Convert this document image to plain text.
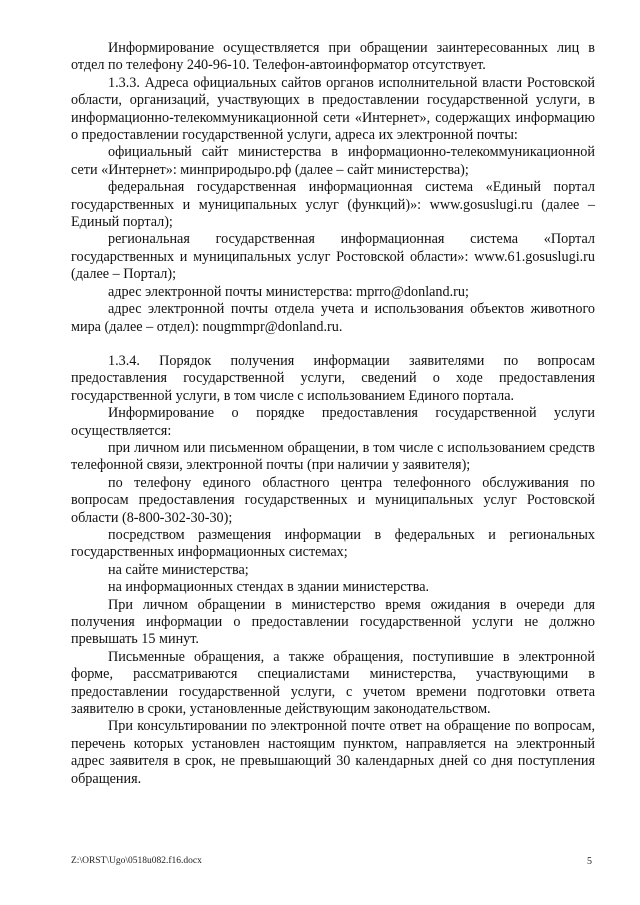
Информирование осуществляется при обращении заинтересованных лиц в отдел по телефону 240-96-10. Телефон-автоинформатор отсутствует.

1.3.3. Адреса официальных сайтов органов исполнительной власти Ростовской области, организаций, участвующих в предоставлении государственной услуги, в информационно-телекоммуникационной сети «Интернет», содержащих информацию о предоставлении государственной услуги, адреса их электронной почты:

официальный сайт министерства в информационно-телекоммуникационной сети «Интернет»: минприродыро.рф (далее – сайт министерства);

федеральная государственная информационная система «Единый портал государственных и муниципальных услуг (функций)»: www.gosuslugi.ru (далее – Единый портал);

региональная государственная информационная система «Портал государственных и муниципальных услуг Ростовской области»: www.61.gosuslugi.ru (далее – Портал);

адрес электронной почты министерства: mprro@donland.ru;

адрес электронной почты отдела учета и использования объектов животного мира (далее – отдел): nougmmpr@donland.ru.

1.3.4. Порядок получения информации заявителями по вопросам предоставления государственной услуги, сведений о ходе предоставления государственной услуги, в том числе с использованием Единого портала.

Информирование о порядке предоставления государственной услуги осуществляется:

при личном или письменном обращении, в том числе с использованием средств телефонной связи, электронной почты (при наличии у заявителя);

по телефону единого областного центра телефонного обслуживания по вопросам предоставления государственных и муниципальных услуг Ростовской области (8-800-302-30-30);

посредством размещения информации в федеральных и региональных государственных информационных системах;

на сайте министерства;

на информационных стендах в здании министерства.

При личном обращении в министерство время ожидания в очереди для получения информации о предоставлении государственной услуги не должно превышать 15 минут.

Письменные обращения, а также обращения, поступившие в электронной форме, рассматриваются специалистами министерства, участвующими в предоставлении государственной услуги, с учетом времени подготовки ответа заявителю в сроки, установленные действующим законодательством.

При консультировании по электронной почте ответ на обращение по вопросам, перечень которых установлен настоящим пунктом, направляется на электронный адрес заявителя в срок, не превышающий 30 календарных дней со дня поступления обращения.

Z:\ORST\Ugo\0518u082.f16.docx	5
